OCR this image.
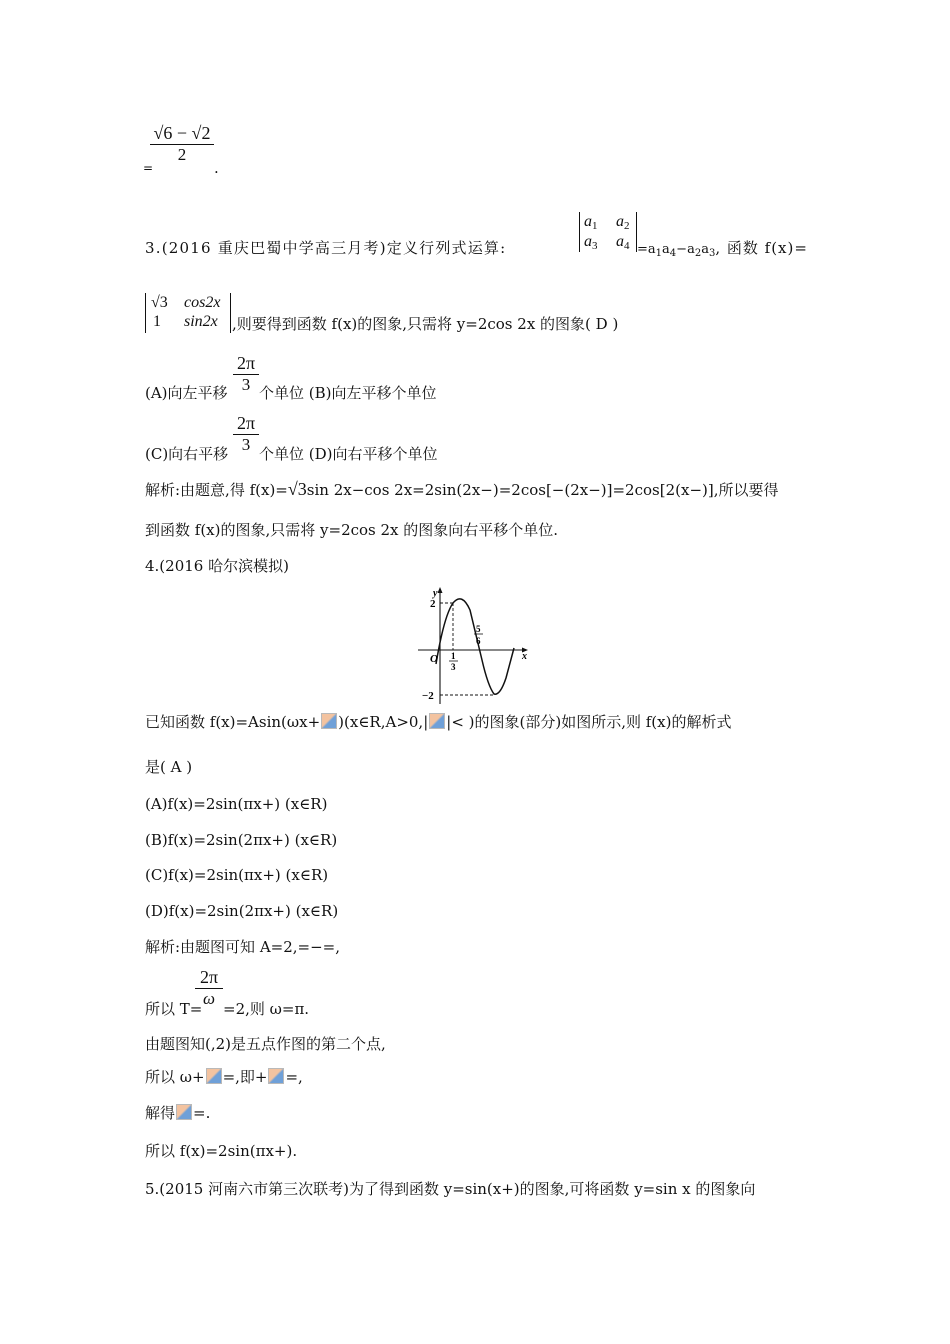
√6 − √2
2
=	.
3.(2016 重庆巴蜀中学高三月考)定义行列式运算:
$a_1$ $a_2$
$a_3$ $a_4 =a_1a_4-a_2a_3$, 函数 f(x)=
√3 cos2x
1 sin2x ,则要得到函数 f(x)的图象,只需将 y=2cos 2x 的图象( D )
2π
3
(A)向左平移 个单位 (B)向左平移个单位
2π
3
(C)向右平移 个单位 (D)向右平移个单位
解析:由题意,得 f(x)=√3sin 2x−cos 2x=2sin(2x−)=2cos[−(2x−)]=2cos[2(x−)],所以要得
到函数 f(x)的图象,只需将 y=2cos 2x 的图象向右平移个单位.
4.(2016 哈尔滨模拟)
y
x
O
2
−2
1
3
5
6
已知函数 f(x)=Asin(ωx+ )(x∈R,A>0,| |< )的图象(部分)如图所示,则 f(x)的解析式
是( A )
(A)f(x)=2sin(πx+) (x∈R)
(B)f(x)=2sin(2πx+) (x∈R)
(C)f(x)=2sin(πx+) (x∈R)
(D)f(x)=2sin(2πx+) (x∈R)
解析:由题图可知 A=2,=−=,
2π
ω
所以 T= =2,则 ω=π.
由题图知(,2)是五点作图的第二个点,
所以 ω+ =,即+ =,
解得 =.
所以 f(x)=2sin(πx+).
5.(2015 河南六市第三次联考)为了得到函数 y=sin(x+)的图象,可将函数 y=sin x 的图象向
